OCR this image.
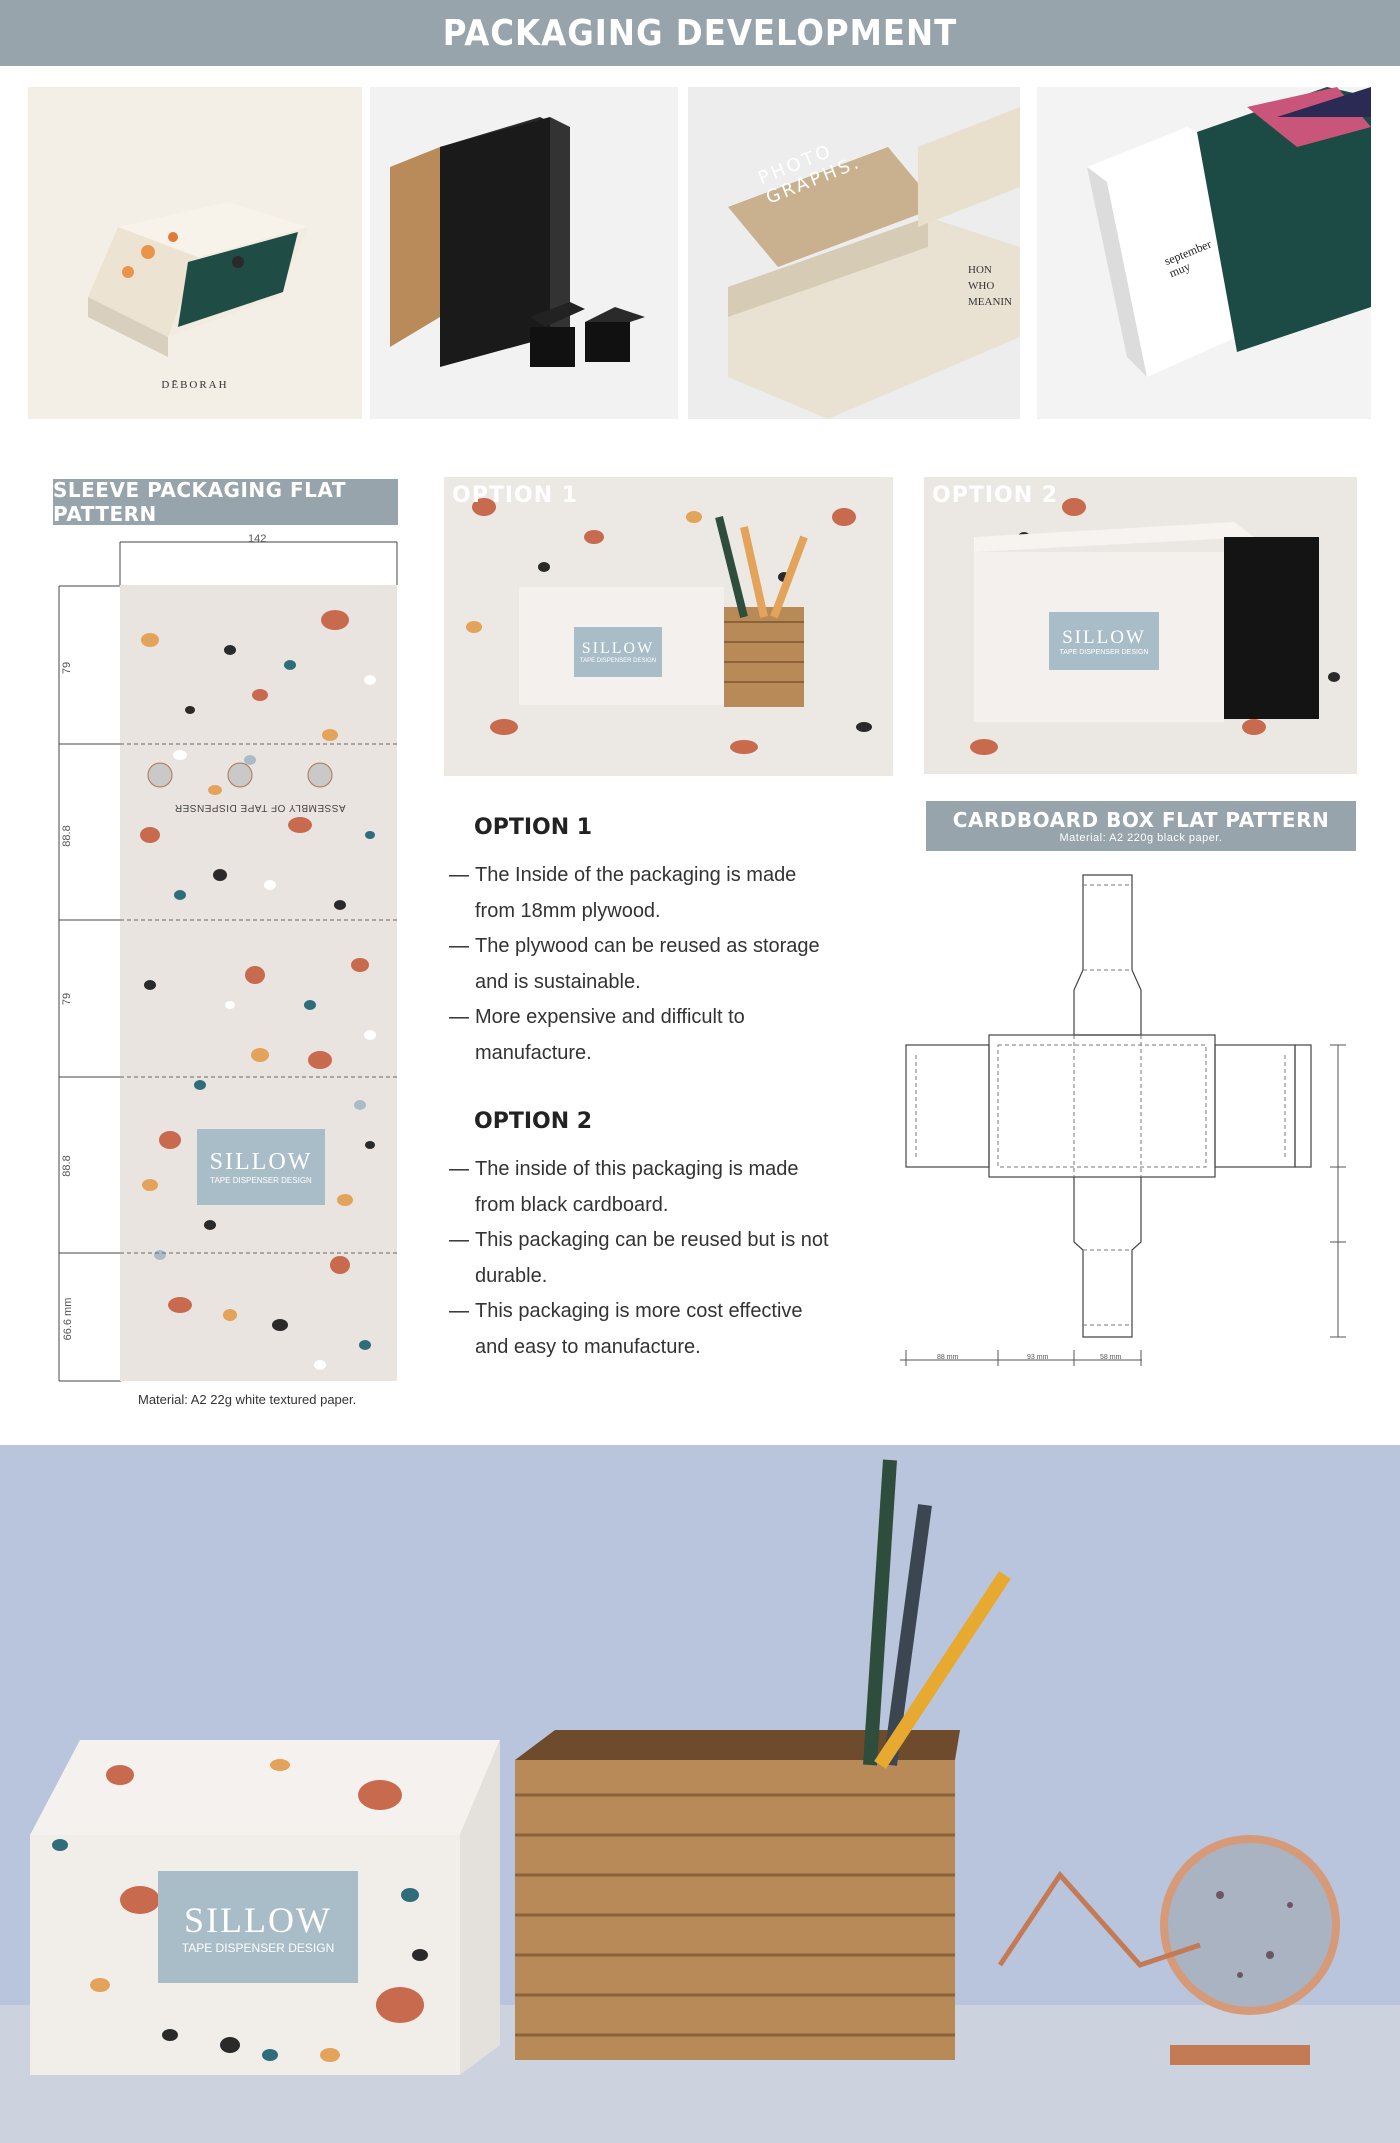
PACKAGING DEVELOPMENT
DĒBORAH
PHOTO GRAPHS.
HON WHO MEANIN
september muy
SLEEVE PACKAGING FLAT PATTERN
142
79
88.8
79
88.8
66.6 mm
ASSEMBLY OF TAPE DISPENSER
SILLOW
TAPE DISPENSER DESIGN
Material: A2 22g white textured paper.
OPTION 1
SILLOW
TAPE DISPENSER DESIGN
OPTION 2
SILLOW
TAPE DISPENSER DESIGN
OPTION 1
— The Inside of the packaging is made
from 18mm plywood.
— The plywood can be reused as storage
and is sustainable.
— More expensive and difficult to
manufacture.
OPTION 2
— The inside of this packaging is made
from black cardboard.
— This packaging can be reused but is not
durable.
— This packaging is more cost effective
and easy to manufacture.
CARDBOARD BOX FLAT PATTERN
Material: A2 220g black paper.
88 mm	93 mm	58 mm
SILLOW
TAPE DISPENSER DESIGN
